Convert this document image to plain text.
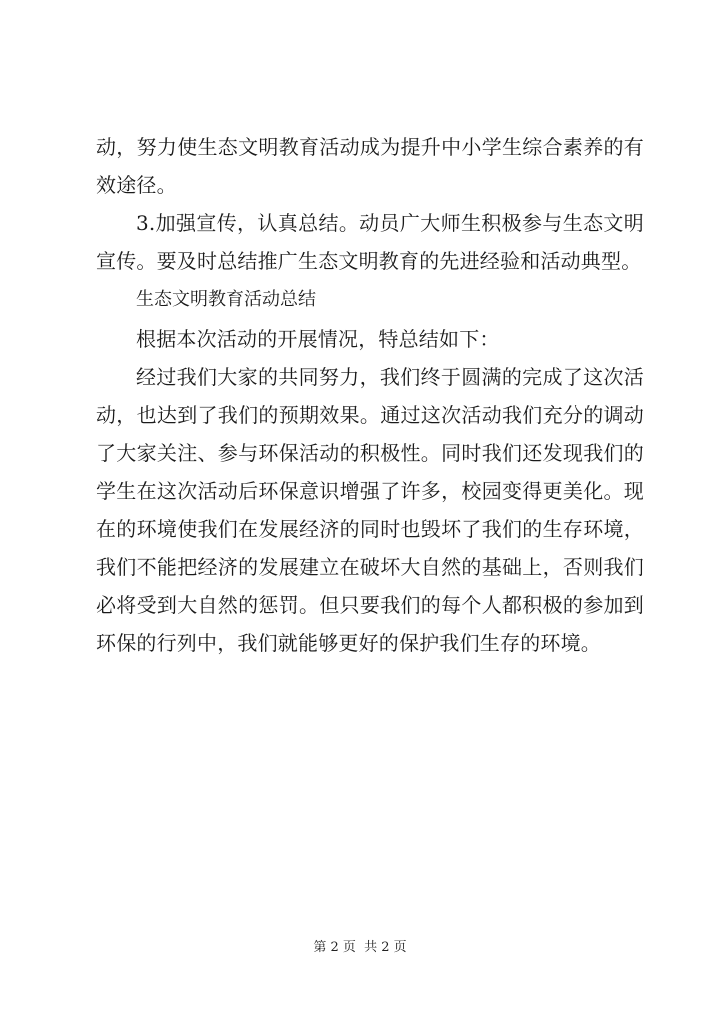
动，努力使生态文明教育活动成为提升中小学生综合素养的有效途径。

3.加强宣传，认真总结。动员广大师生积极参与生态文明宣传。要及时总结推广生态文明教育的先进经验和活动典型。

生态文明教育活动总结

根据本次活动的开展情况，特总结如下：

经过我们大家的共同努力，我们终于圆满的完成了这次活动，也达到了我们的预期效果。通过这次活动我们充分的调动了大家关注、参与环保活动的积极性。同时我们还发现我们的学生在这次活动后环保意识增强了许多，校园变得更美化。现在的环境使我们在发展经济的同时也毁坏了我们的生存环境，我们不能把经济的发展建立在破坏大自然的基础上，否则我们必将受到大自然的惩罚。但只要我们的每个人都积极的参加到环保的行列中，我们就能够更好的保护我们生存的环境。

第 2 页  共 2 页
